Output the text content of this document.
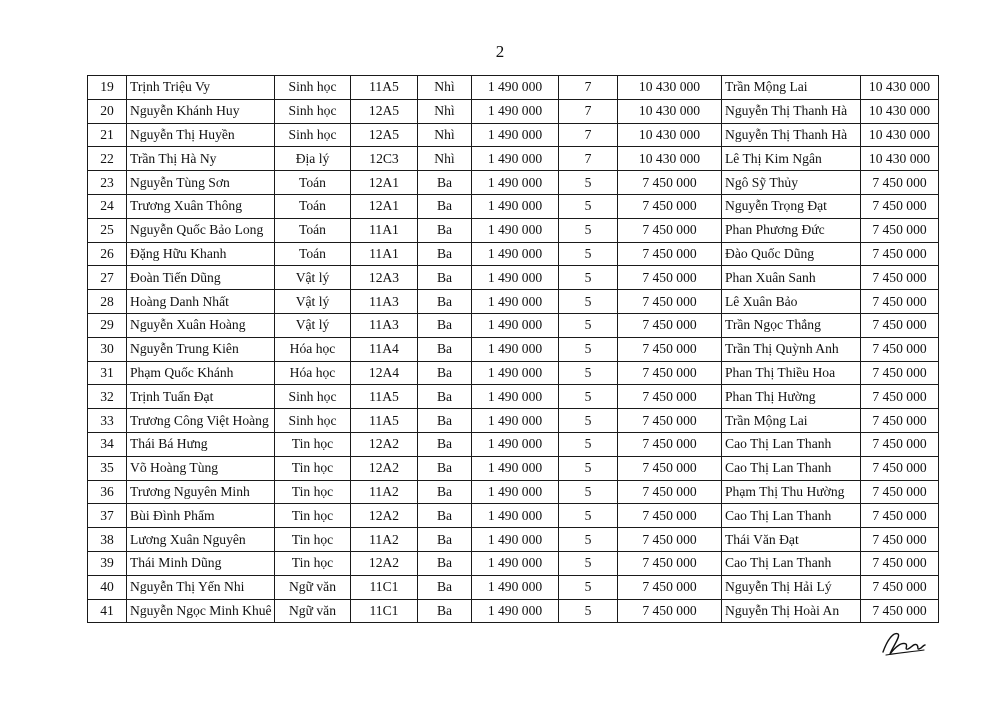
2
19	Trịnh Triệu Vy	Sinh học	11A5	Nhì	1 490 000	7	10 430 000	Trần Mộng Lai	10 430 000
20	Nguyễn Khánh Huy	Sinh học	12A5	Nhì	1 490 000	7	10 430 000	Nguyễn Thị Thanh Hà	10 430 000
21	Nguyễn Thị Huyền	Sinh học	12A5	Nhì	1 490 000	7	10 430 000	Nguyễn Thị Thanh Hà	10 430 000
22	Trần Thị Hà Ny	Địa lý	12C3	Nhì	1 490 000	7	10 430 000	Lê Thị Kim Ngân	10 430 000
23	Nguyễn Tùng Sơn	Toán	12A1	Ba	1 490 000	5	7 450 000	Ngô Sỹ Thủy	7 450 000
24	Trương Xuân Thông	Toán	12A1	Ba	1 490 000	5	7 450 000	Nguyễn Trọng Đạt	7 450 000
25	Nguyễn Quốc Bảo Long	Toán	11A1	Ba	1 490 000	5	7 450 000	Phan Phương Đức	7 450 000
26	Đặng Hữu Khanh	Toán	11A1	Ba	1 490 000	5	7 450 000	Đào Quốc Dũng	7 450 000
27	Đoàn Tiến Dũng	Vật lý	12A3	Ba	1 490 000	5	7 450 000	Phan Xuân Sanh	7 450 000
28	Hoàng Danh Nhất	Vật lý	11A3	Ba	1 490 000	5	7 450 000	Lê Xuân Bảo	7 450 000
29	Nguyễn Xuân Hoàng	Vật lý	11A3	Ba	1 490 000	5	7 450 000	Trần Ngọc Thắng	7 450 000
30	Nguyễn Trung Kiên	Hóa học	11A4	Ba	1 490 000	5	7 450 000	Trần Thị Quỳnh Anh	7 450 000
31	Phạm Quốc Khánh	Hóa học	12A4	Ba	1 490 000	5	7 450 000	Phan Thị Thiều Hoa	7 450 000
32	Trịnh Tuấn Đạt	Sinh học	11A5	Ba	1 490 000	5	7 450 000	Phan Thị Hường	7 450 000
33	Trương Công Việt Hoàng	Sinh học	11A5	Ba	1 490 000	5	7 450 000	Trần Mộng Lai	7 450 000
34	Thái Bá Hưng	Tin học	12A2	Ba	1 490 000	5	7 450 000	Cao Thị Lan Thanh	7 450 000
35	Võ Hoàng Tùng	Tin học	12A2	Ba	1 490 000	5	7 450 000	Cao Thị Lan Thanh	7 450 000
36	Trương Nguyên Minh	Tin học	11A2	Ba	1 490 000	5	7 450 000	Phạm Thị Thu Hường	7 450 000
37	Bùi Đình Phẩm	Tin học	12A2	Ba	1 490 000	5	7 450 000	Cao Thị Lan Thanh	7 450 000
38	Lương Xuân Nguyên	Tin học	11A2	Ba	1 490 000	5	7 450 000	Thái Văn Đạt	7 450 000
39	Thái Minh Dũng	Tin học	12A2	Ba	1 490 000	5	7 450 000	Cao Thị Lan Thanh	7 450 000
40	Nguyễn Thị Yến Nhi	Ngữ văn	11C1	Ba	1 490 000	5	7 450 000	Nguyễn Thị Hải Lý	7 450 000
41	Nguyễn Ngọc Minh Khuê	Ngữ văn	11C1	Ba	1 490 000	5	7 450 000	Nguyễn Thị Hoài An	7 450 000
